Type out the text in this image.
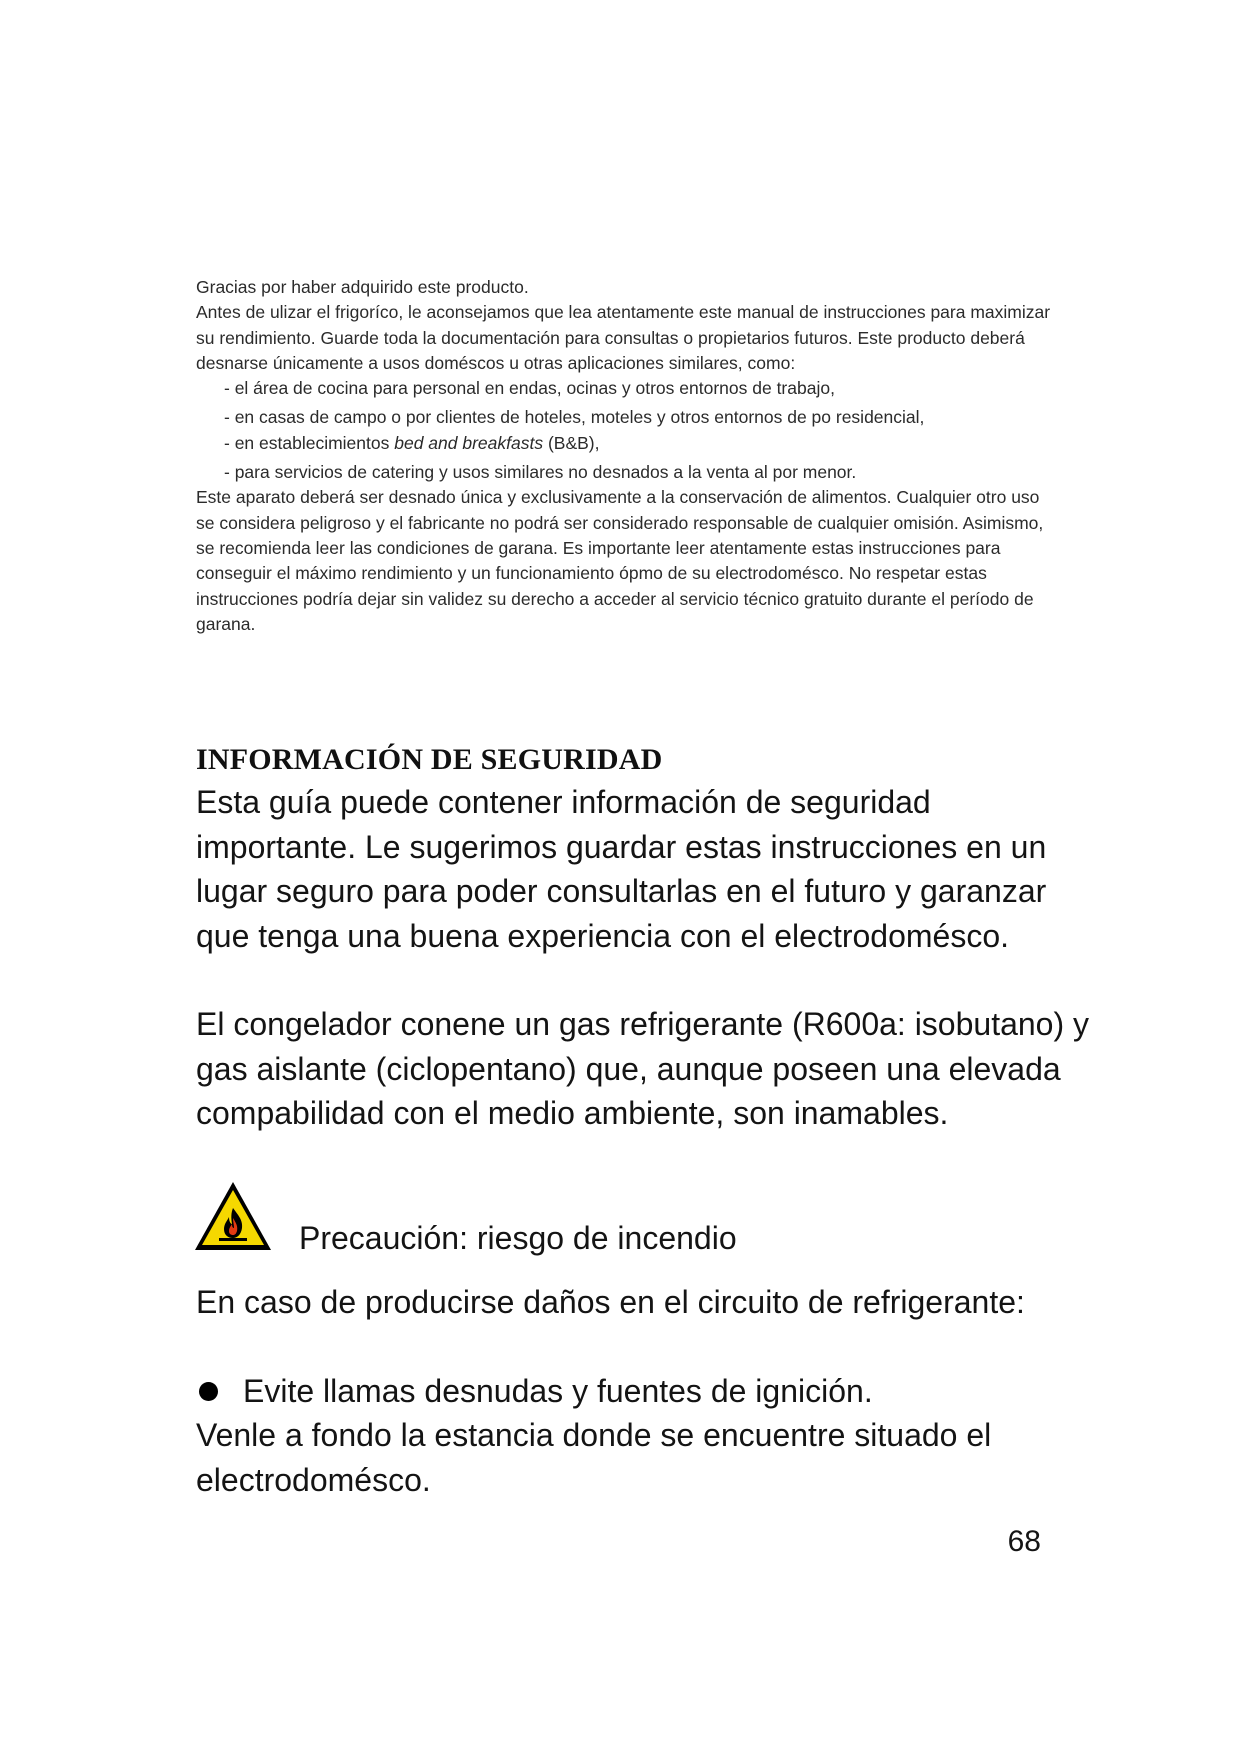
Gracias por haber adquirido este producto.

Antes de ulizar el frigoríco, le aconsejamos que lea atentamente este manual de instrucciones para maximizar su rendimiento. Guarde toda la documentación para consultas o propietarios futuros. Este producto deberá desnarse únicamente a usos doméscos u otras aplicaciones similares, como:

- el área de cocina para personal en endas, ocinas y otros entornos de trabajo,

- en casas de campo o por clientes de hoteles, moteles y otros entornos de po residencial,

- en establecimientos bed and breakfasts (B&B),

- para servicios de catering y usos similares no desnados a la venta al por menor.

Este aparato deberá ser desnado única y exclusivamente a la conservación de alimentos. Cualquier otro uso se considera peligroso y el fabricante no podrá ser considerado responsable de cualquier omisión. Asimismo, se recomienda leer las condiciones de garana. Es importante leer atentamente estas instrucciones para conseguir el máximo rendimiento y un funcionamiento ópmo de su electrodomésco. No respetar estas instrucciones podría dejar sin validez su derecho a acceder al servicio técnico gratuito durante el período de garana.

INFORMACIÓN DE SEGURIDAD

Esta guía puede contener información de seguridad importante. Le sugerimos guardar estas instrucciones en un lugar seguro para poder consultarlas en el futuro y garanzar que tenga una buena experiencia con el electrodomésco.

El congelador conene un gas refrigerante (R600a: isobutano) y gas aislante (ciclopentano) que, aunque poseen una elevada compabilidad con el medio ambiente, son inamables.

Precaución: riesgo de incendio

En caso de producirse daños en el circuito de refrigerante:

Evite llamas desnudas y fuentes de ignición.

Venle a fondo la estancia donde se encuentre situado el electrodomésco.

68
